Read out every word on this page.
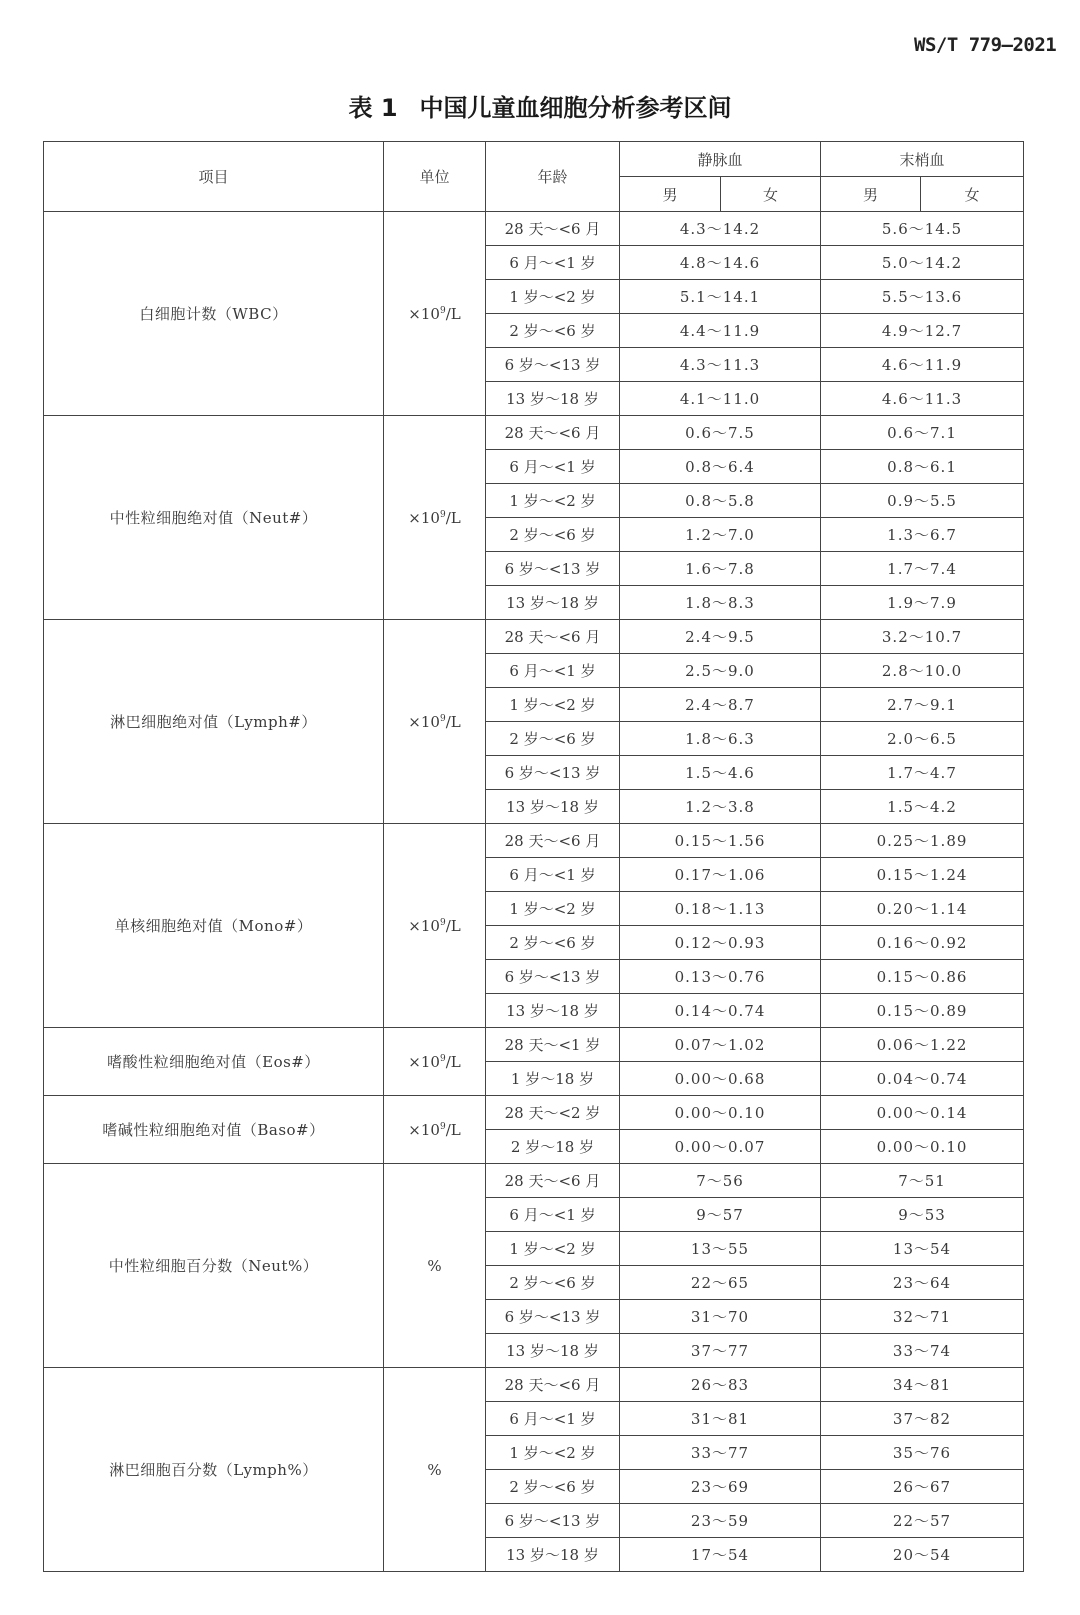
WS/T 779—2021
表 1 中国儿童血细胞分析参考区间
项目	单位	年龄	静脉血		末梢血	
			男	女	男	女
白细胞计数（WBC）	$\times 10^9/L$	28 天～<6 月	4.3～14.2		5.6～14.5	
		6 月～<1 岁	4.8～14.6		5.0～14.2	
		1 岁～<2 岁	5.1～14.1		5.5～13.6	
		2 岁～<6 岁	4.4～11.9		4.9～12.7	
		6 岁～<13 岁	4.3～11.3		4.6～11.9	
		13 岁～18 岁	4.1～11.0		4.6～11.3	
中性粒细胞绝对值（Neut#）	$\times 10^9/L$	28 天～<6 月	0.6～7.5		0.6～7.1	
		6 月～<1 岁	0.8～6.4		0.8～6.1	
		1 岁～<2 岁	0.8～5.8		0.9～5.5	
		2 岁～<6 岁	1.2～7.0		1.3～6.7	
		6 岁～<13 岁	1.6～7.8		1.7～7.4	
		13 岁～18 岁	1.8～8.3		1.9～7.9	
淋巴细胞绝对值（Lymph#）	$\times 10^9/L$	28 天～<6 月	2.4～9.5		3.2～10.7	
		6 月～<1 岁	2.5～9.0		2.8～10.0	
		1 岁～<2 岁	2.4～8.7		2.7～9.1	
		2 岁～<6 岁	1.8～6.3		2.0～6.5	
		6 岁～<13 岁	1.5～4.6		1.7～4.7	
		13 岁～18 岁	1.2～3.8		1.5～4.2	
单核细胞绝对值（Mono#）	$\times 10^9/L$	28 天～<6 月	0.15～1.56		0.25～1.89	
		6 月～<1 岁	0.17～1.06		0.15～1.24	
		1 岁～<2 岁	0.18～1.13		0.20～1.14	
		2 岁～<6 岁	0.12～0.93		0.16～0.92	
		6 岁～<13 岁	0.13～0.76		0.15～0.86	
		13 岁～18 岁	0.14～0.74		0.15～0.89	
嗜酸性粒细胞绝对值（Eos#）	$\times 10^9/L$	28 天～<1 岁	0.07～1.02		0.06～1.22	
		1 岁～18 岁	0.00～0.68		0.04～0.74	
嗜碱性粒细胞绝对值（Baso#）	$\times 10^9/L$	28 天～<2 岁	0.00～0.10		0.00～0.14	
		2 岁～18 岁	0.00～0.07		0.00～0.10	
中性粒细胞百分数（Neut%）	%	28 天～<6 月	7～56		7～51	
		6 月～<1 岁	9～57		9～53	
		1 岁～<2 岁	13～55		13～54	
		2 岁～<6 岁	22～65		23～64	
		6 岁～<13 岁	31～70		32～71	
		13 岁～18 岁	37～77		33～74	
淋巴细胞百分数（Lymph%）	%	28 天～<6 月	26～83		34～81	
		6 月～<1 岁	31～81		37～82	
		1 岁～<2 岁	33～77		35～76	
		2 岁～<6 岁	23～69		26～67	
		6 岁～<13 岁	23～59		22～57	
		13 岁～18 岁	17～54		20～54	
